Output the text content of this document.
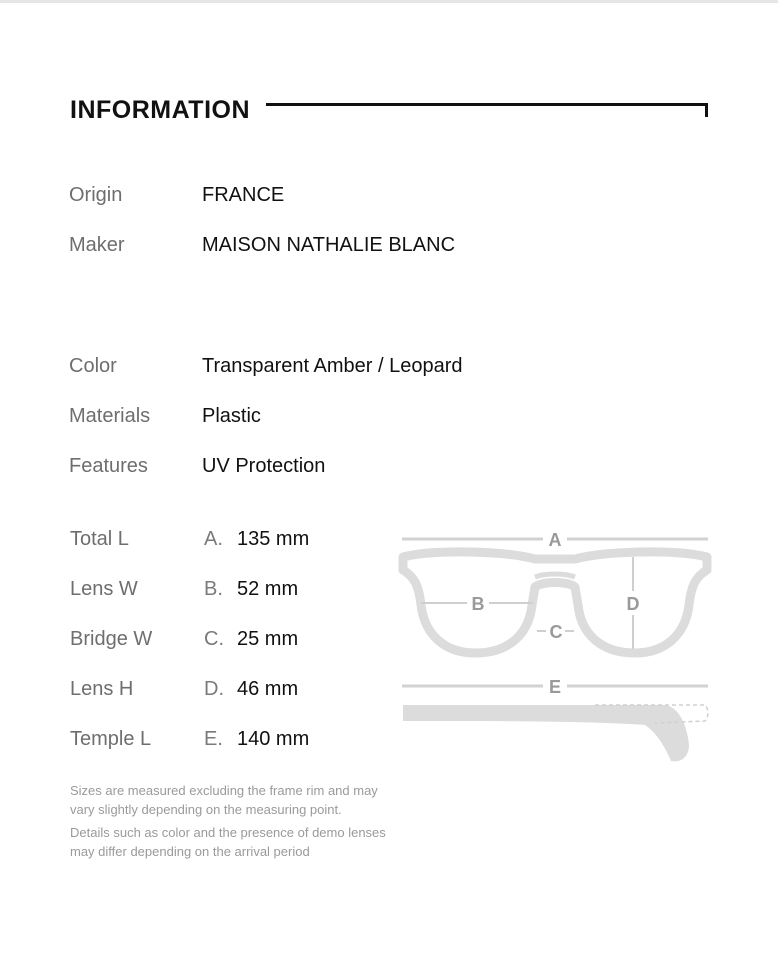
INFORMATION
Origin	FRANCE
Maker	MAISON NATHALIE BLANC
Color	Transparent Amber / Leopard
Materials	Plastic
Features	UV Protection
Total L	A. 135 mm
Lens W	B. 52 mm
Bridge W	C. 25 mm
Lens H	D. 46 mm
Temple L	E. 140 mm
A
B
C
D
E
Sizes are measured excluding the frame rim and may vary slightly depending on the measuring point.
Details such as color and the presence of demo lenses may differ depending on the arrival period
